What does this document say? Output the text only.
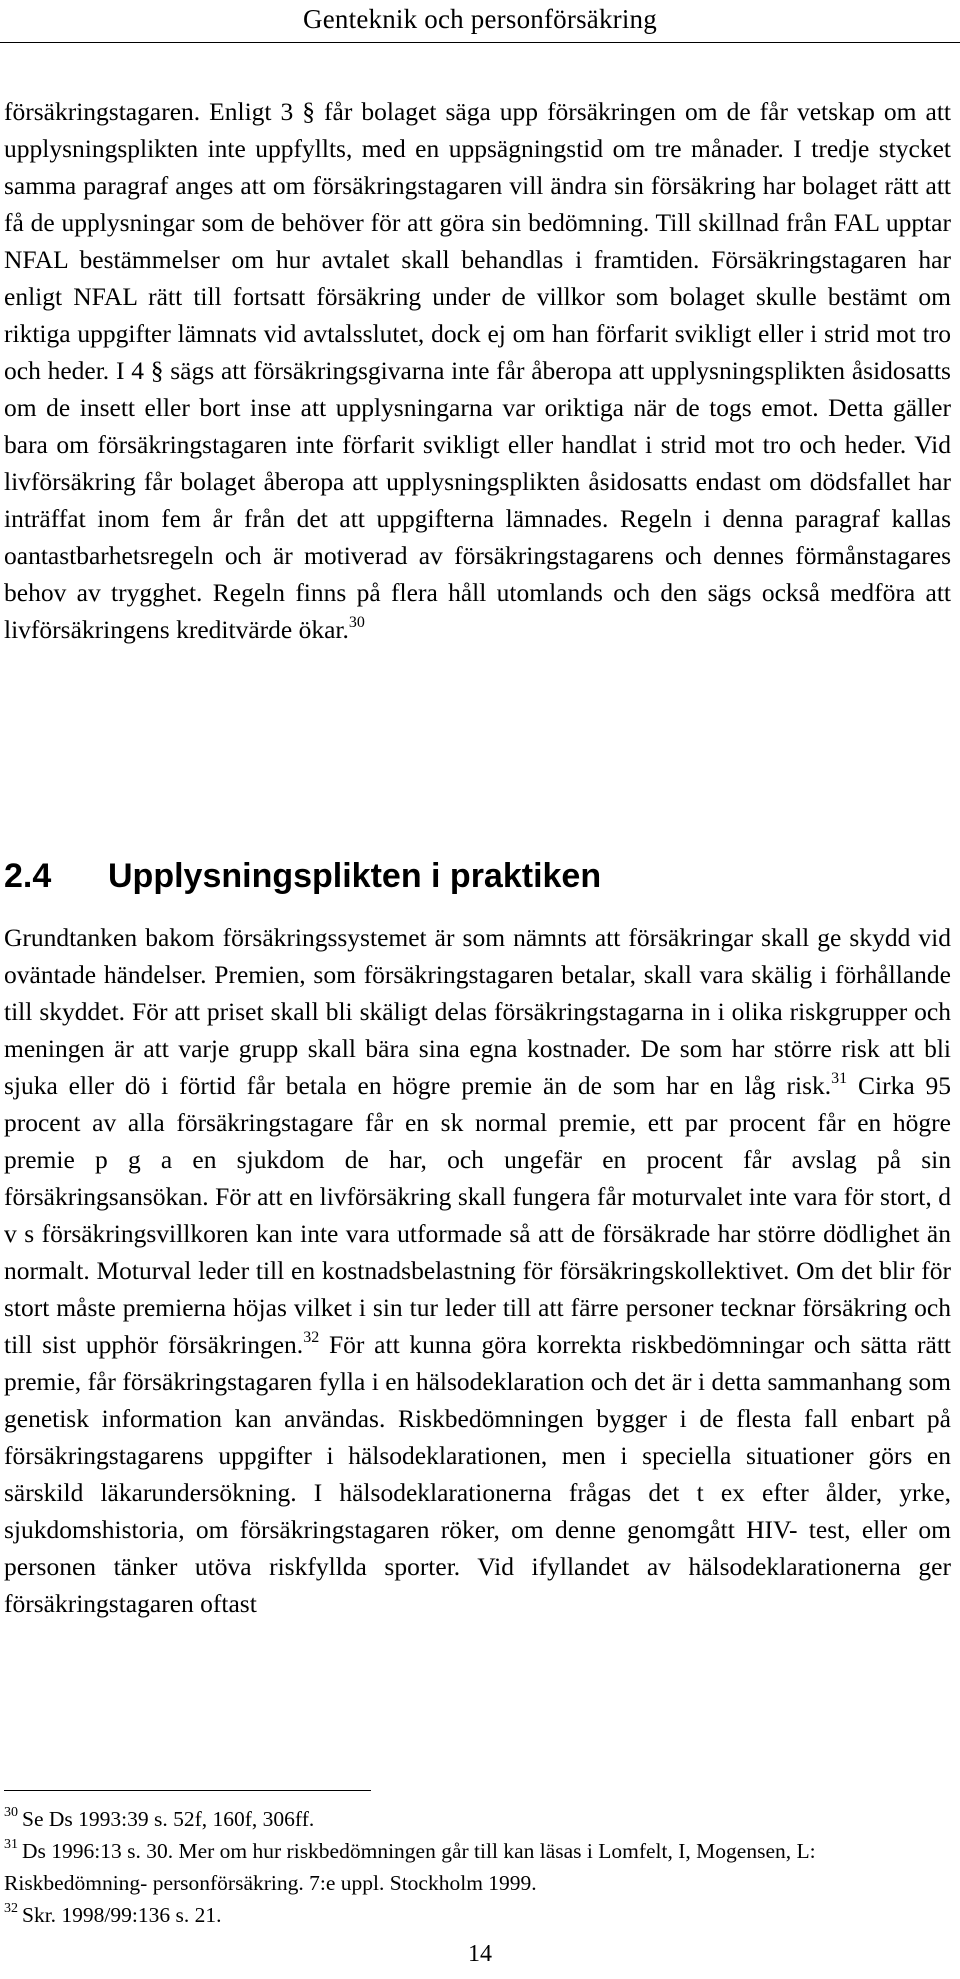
Genteknik och personförsäkring

försäkringstagaren. Enligt 3 § får bolaget säga upp försäkringen om de får vetskap om att upplysningsplikten inte uppfyllts, med en uppsägningstid om tre månader. I tredje stycket samma paragraf anges att om försäkringstagaren vill ändra sin försäkring har bolaget rätt att få de upplysningar som de behöver för att göra sin bedömning. Till skillnad från FAL upptar NFAL bestämmelser om hur avtalet skall behandlas i framtiden. Försäkringstagaren har enligt NFAL rätt till fortsatt försäkring under de villkor som bolaget skulle bestämt om riktiga uppgifter lämnats vid avtalsslutet, dock ej om han förfarit svikligt eller i strid mot tro och heder. I 4 § sägs att försäkringsgivarna inte får åberopa att upplysningsplikten åsidosatts om de insett eller bort inse att upplysningarna var oriktiga när de togs emot. Detta gäller bara om försäkringstagaren inte förfarit svikligt eller handlat i strid mot tro och heder. Vid livförsäkring får bolaget åberopa att upplysningsplikten åsidosatts endast om dödsfallet har inträffat inom fem år från det att uppgifterna lämnades. Regeln i denna paragraf kallas oantastbarhetsregeln och är motiverad av försäkringstagarens och dennes förmånstagares behov av trygghet. Regeln finns på flera håll utomlands och den sägs också medföra att livförsäkringens kreditvärde ökar.$^{30}$

2.4 Upplysningsplikten i praktiken

Grundtanken bakom försäkringssystemet är som nämnts att försäkringar skall ge skydd vid oväntade händelser. Premien, som försäkringstagaren betalar, skall vara skälig i förhållande till skyddet. För att priset skall bli skäligt delas försäkringstagarna in i olika riskgrupper och meningen är att varje grupp skall bära sina egna kostnader. De som har större risk att bli sjuka eller dö i förtid får betala en högre premie än de som har en låg risk.$^{31}$ Cirka 95 procent av alla försäkringstagare får en sk normal premie, ett par procent får en högre premie p g a en sjukdom de har, och ungefär en procent får avslag på sin försäkringsansökan. För att en livförsäkring skall fungera får moturvalet inte vara för stort, d v s försäkringsvillkoren kan inte vara utformade så att de försäkrade har större dödlighet än normalt. Moturval leder till en kostnadsbelastning för försäkringskollektivet. Om det blir för stort måste premierna höjas vilket i sin tur leder till att färre personer tecknar försäkring och till sist upphör försäkringen.$^{32}$ För att kunna göra korrekta riskbedömningar och sätta rätt premie, får försäkringstagaren fylla i en hälsodeklaration och det är i detta sammanhang som genetisk information kan användas. Riskbedömningen bygger i de flesta fall enbart på försäkringstagarens uppgifter i hälsodeklarationen, men i speciella situationer görs en särskild läkarundersökning. I hälsodeklarationerna frågas det t ex efter ålder, yrke, sjukdomshistoria, om försäkringstagaren röker, om denne genomgått HIV- test, eller om personen tänker utöva riskfyllda sporter. Vid ifyllandet av hälsodeklarationerna ger försäkringstagaren oftast

$^{30}$ Se Ds 1993:39 s. 52f, 160f, 306ff.

$^{31}$ Ds 1996:13 s. 30. Mer om hur riskbedömningen går till kan läsas i Lomfelt, I, Mogensen, L: Riskbedömning- personförsäkring. 7:e uppl. Stockholm 1999.

$^{32}$ Skr. 1998/99:136 s. 21.

14
